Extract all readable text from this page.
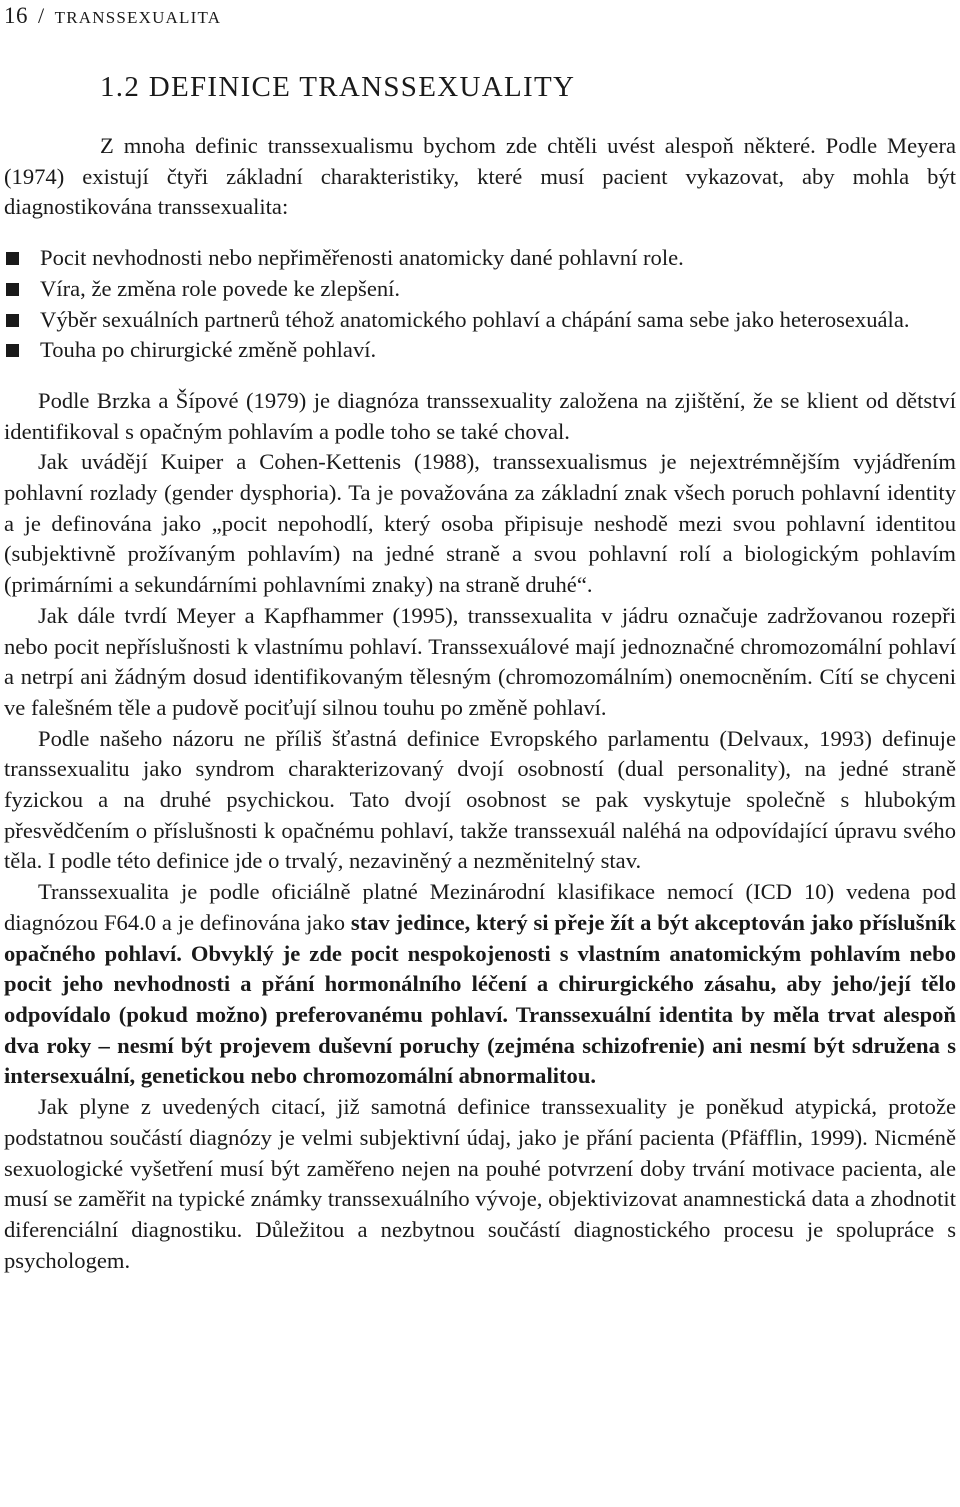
16 / TRANSSEXUALITA
1.2 DEFINICE TRANSSEXUALITY

Z mnoha definic transsexualismu bychom zde chtěli uvést alespoň některé. Podle Meyera (1974) existují čtyři základní charakteristiky, které musí pacient vykazovat, aby mohla být diagnostikována transsexualita:

Pocit nevhodnosti nebo nepřiměřenosti anatomicky dané pohlavní role.
Víra, že změna role povede ke zlepšení.
Výběr sexuálních partnerů téhož anatomického pohlaví a chápání sama sebe jako heterosexuála.
Touha po chirurgické změně pohlaví.

Podle Brzka a Šípové (1979) je diagnóza transsexuality založena na zjištění, že se klient od dětství identifikoval s opačným pohlavím a podle toho se také choval.

Jak uvádějí Kuiper a Cohen-Kettenis (1988), transsexualismus je nejextrémnějším vyjádřením pohlavní rozlady (gender dysphoria). Ta je považována za základní znak všech poruch pohlavní identity a je definována jako „pocit nepohodlí, který osoba připisuje neshodě mezi svou pohlavní identitou (subjektivně prožívaným pohlavím) na jedné straně a svou pohlavní rolí a biologickým pohlavím (primárními a sekundárními pohlavními znaky) na straně druhé“.

Jak dále tvrdí Meyer a Kapfhammer (1995), transsexualita v jádru označuje zadržovanou rozepři nebo pocit nepříslušnosti k vlastnímu pohlaví. Transsexuálové mají jednoznačné chromozomální pohlaví a netrpí ani žádným dosud identifikovaným tělesným (chromozomálním) onemocněním. Cítí se chyceni ve falešném těle a pudově pociťují silnou touhu po změně pohlaví.

Podle našeho názoru ne příliš šťastná definice Evropského parlamentu (Delvaux, 1993) definuje transsexualitu jako syndrom charakterizovaný dvojí osobností (dual personality), na jedné straně fyzickou a na druhé psychickou. Tato dvojí osobnost se pak vyskytuje společně s hlubokým přesvědčením o příslušnosti k opačnému pohlaví, takže transsexuál naléhá na odpovídající úpravu svého těla. I podle této definice jde o trvalý, nezaviněný a nezměnitelný stav.

Transsexualita je podle oficiálně platné Mezinárodní klasifikace nemocí (ICD 10) vedena pod diagnózou F64.0 a je definována jako stav jedince, který si přeje žít a být akceptován jako příslušník opačného pohlaví. Obvyklý je zde pocit nespokojenosti s vlastním anatomickým pohlavím nebo pocit jeho nevhodnosti a přání hormonálního léčení a chirurgického zásahu, aby jeho/její tělo odpovídalo (pokud možno) preferovanému pohlaví. Transsexuální identita by měla trvat alespoň dva roky – nesmí být projevem duševní poruchy (zejména schizofrenie) ani nesmí být sdružena s intersexuální, genetickou nebo chromozomální abnormalitou.

Jak plyne z uvedených citací, již samotná definice transsexuality je poněkud atypická, protože podstatnou součástí diagnózy je velmi subjektivní údaj, jako je přání pacienta (Pfäfflin, 1999). Nicméně sexuologické vyšetření musí být zaměřeno nejen na pouhé potvrzení doby trvání motivace pacienta, ale musí se zaměřit na typické známky transsexuálního vývoje, objektivizovat anamnestická data a zhodnotit diferenciální diagnostiku. Důležitou a nezbytnou součástí diagnostického procesu je spolupráce s psychologem.
